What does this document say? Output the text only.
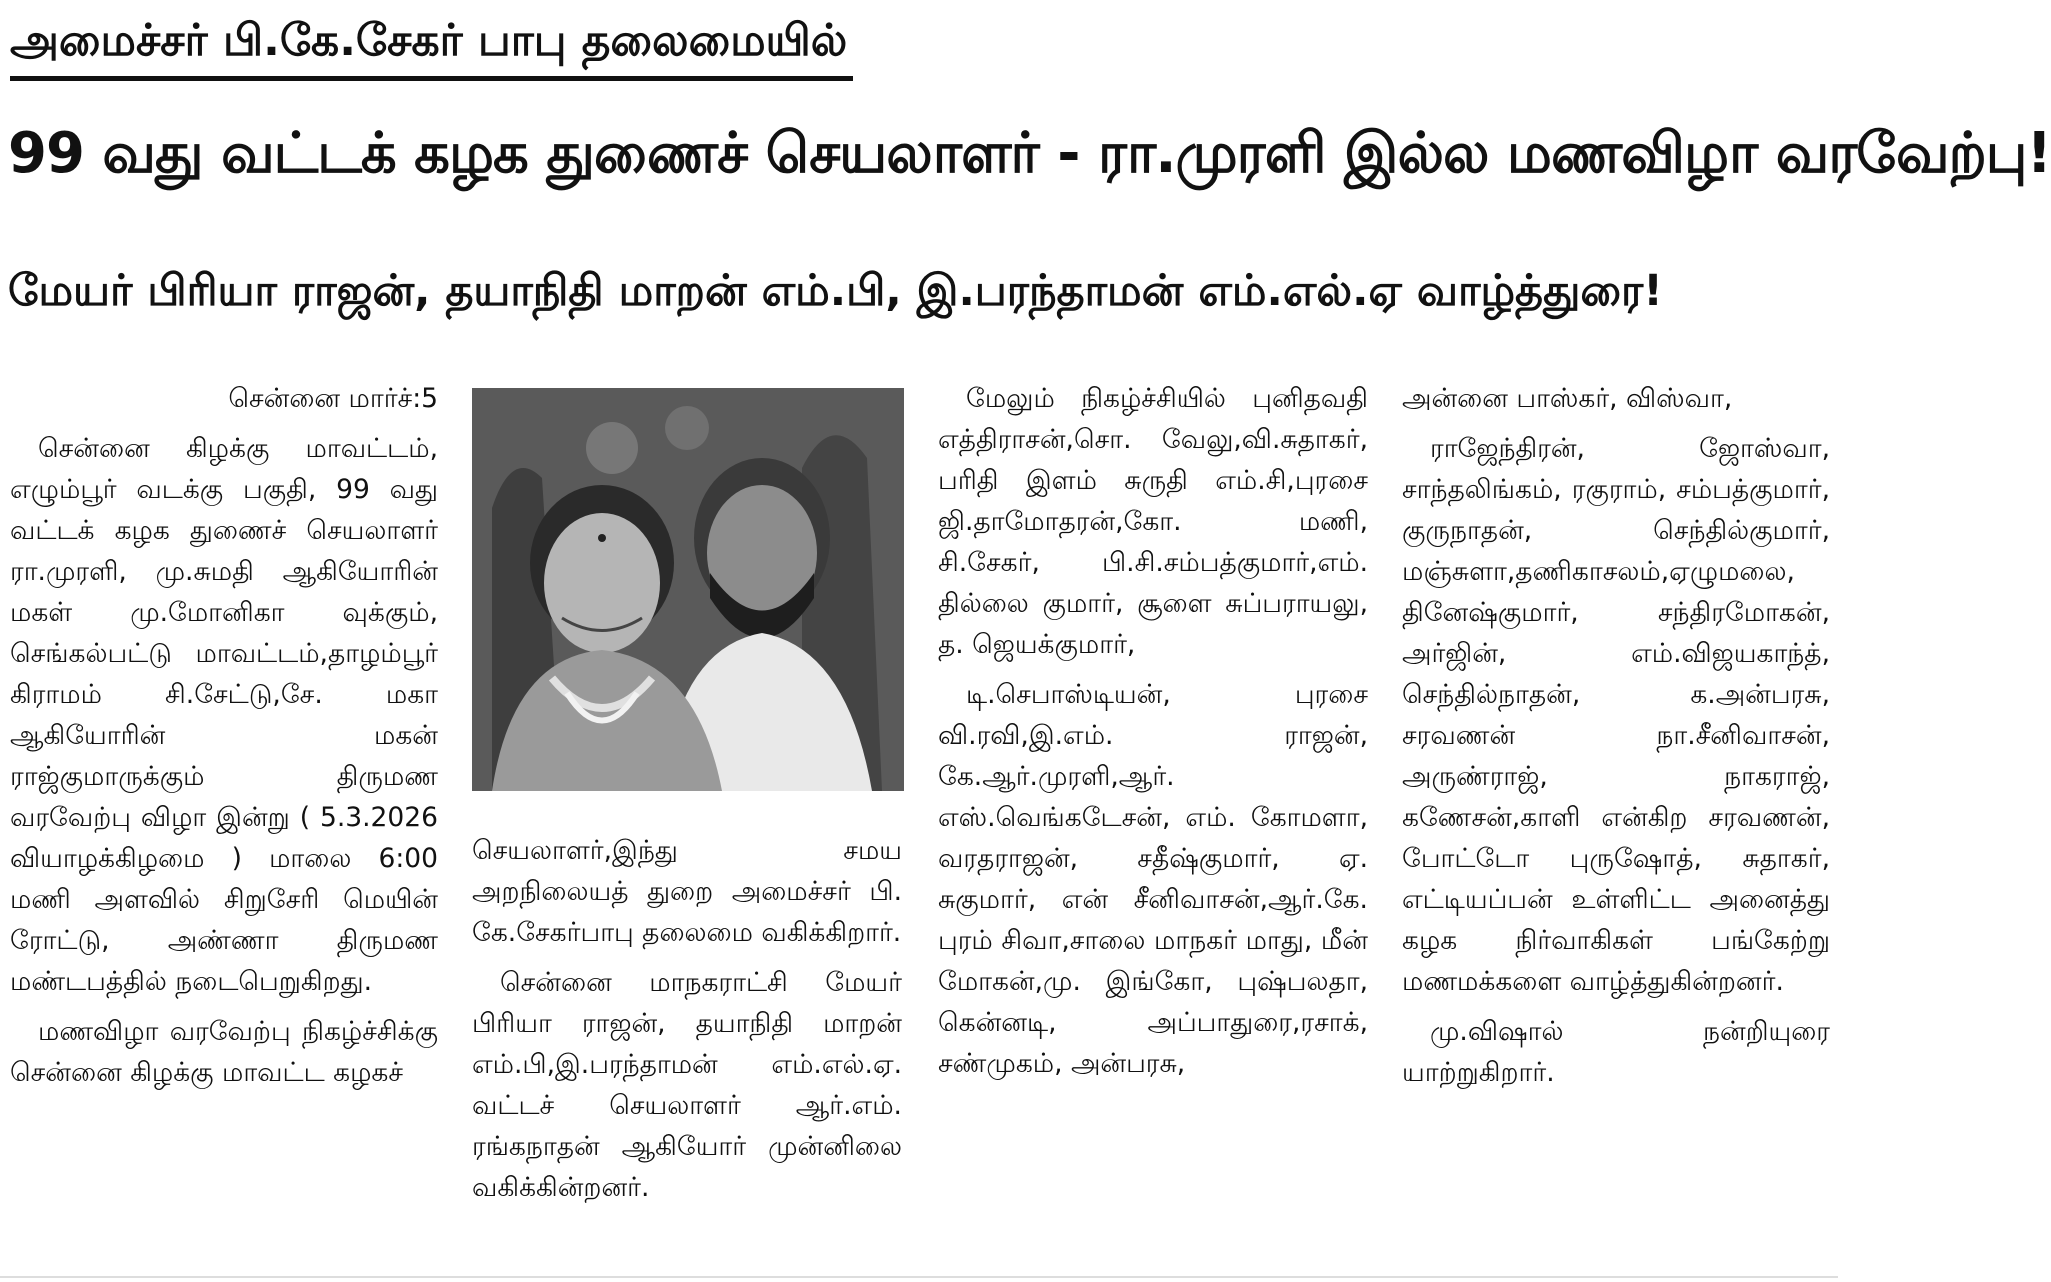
அமைச்சர் பி.கே.சேகர் பாபு தலைமையில்
99 வது வட்டக் கழக துணைச் செயலாளர் - ரா.முரளி இல்ல மணவிழா வரவேற்பு!
மேயர் பிரியா ராஜன், தயாநிதி மாறன் எம்.பி, இ.பரந்தாமன் எம்.எல்.ஏ வாழ்த்துரை!

சென்னை மார்ச்:5

சென்னை கிழக்கு மாவட்டம், எழும்பூர் வடக்கு பகுதி, 99 வது வட்டக் கழக துணைச் செயலாளர் ரா.முரளி, மு.சுமதி ஆகியோரின் மகள் மு.மோனிகா வுக்கும், செங்கல்பட்டு மாவட்டம்,தாழம்பூர் கிராமம் சி.சேட்டு,சே. மகா ஆகியோரின் மகன் ராஜ்குமாருக்கும் திருமண வரவேற்பு விழா இன்று ( 5.3.2026 வியாழக்கிழமை ) மாலை 6:00 மணி அளவில் சிறுசேரி மெயின் ரோட்டு, அண்ணா திருமண மண்டபத்தில் நடைபெறுகிறது.

மணவிழா வரவேற்பு நிகழ்ச்சிக்கு சென்னை கிழக்கு மாவட்ட கழகச்

செயலாளர்,இந்து சமய அறநிலையத் துறை அமைச்சர் பி. கே.சேகர்பாபு தலைமை வகிக்கிறார்.

சென்னை மாநகராட்சி மேயர் பிரியா ராஜன், தயாநிதி மாறன் எம்.பி,இ.பரந்தாமன் எம்.எல்.ஏ. வட்டச் செயலாளர் ஆர்.எம். ரங்கநாதன் ஆகியோர் முன்னிலை வகிக்கின்றனர்.

மேலும் நிகழ்ச்சியில் புனிதவதி எத்திராசன்,சொ. வேலு,வி.சுதாகர், பரிதி இளம் சுருதி எம்.சி,புரசை ஜி.தாமோதரன்,கோ. மணி, சி.சேகர், பி.சி.சம்பத்குமார்,எம். தில்லை குமார், சூளை சுப்பராயலு, த. ஜெயக்குமார்,

டி.செபாஸ்டியன், புரசை வி.ரவி,இ.எம். ராஜன், கே.ஆர்.முரளி,ஆர். எஸ்.வெங்கடேசன், எம். கோமளா, வரதராஜன், சதீஷ்குமார், ஏ. சுகுமார், என் சீனிவாசன்,ஆர்.கே. புரம் சிவா,சாலை மாநகர் மாது, மீன் மோகன்,மு. இங்கோ, புஷ்பலதா, கென்னடி, அப்பாதுரை,ரசாக், சண்முகம், அன்பரசு,

அன்னை பாஸ்கர், விஸ்வா,

ராஜேந்திரன், ஜோஸ்வா, சாந்தலிங்கம், ரகுராம், சம்பத்குமார், குருநாதன், செந்தில்குமார், மஞ்சுளா,தணிகாசலம்,ஏழுமலை, தினேஷ்குமார், சந்திரமோகன், அர்ஜின், எம்.விஜயகாந்த், செந்தில்நாதன், க.அன்பரசு, சரவணன் நா.சீனிவாசன், அருண்ராஜ், நாகராஜ், கணேசன்,காளி என்கிற சரவணன், போட்டோ புருஷோத், சுதாகர், எட்டியப்பன் உள்ளிட்ட அனைத்து கழக நிர்வாகிகள் பங்கேற்று மணமக்களை வாழ்த்துகின்றனர்.

மு.விஷால் நன்றியுரை யாற்றுகிறார்.
